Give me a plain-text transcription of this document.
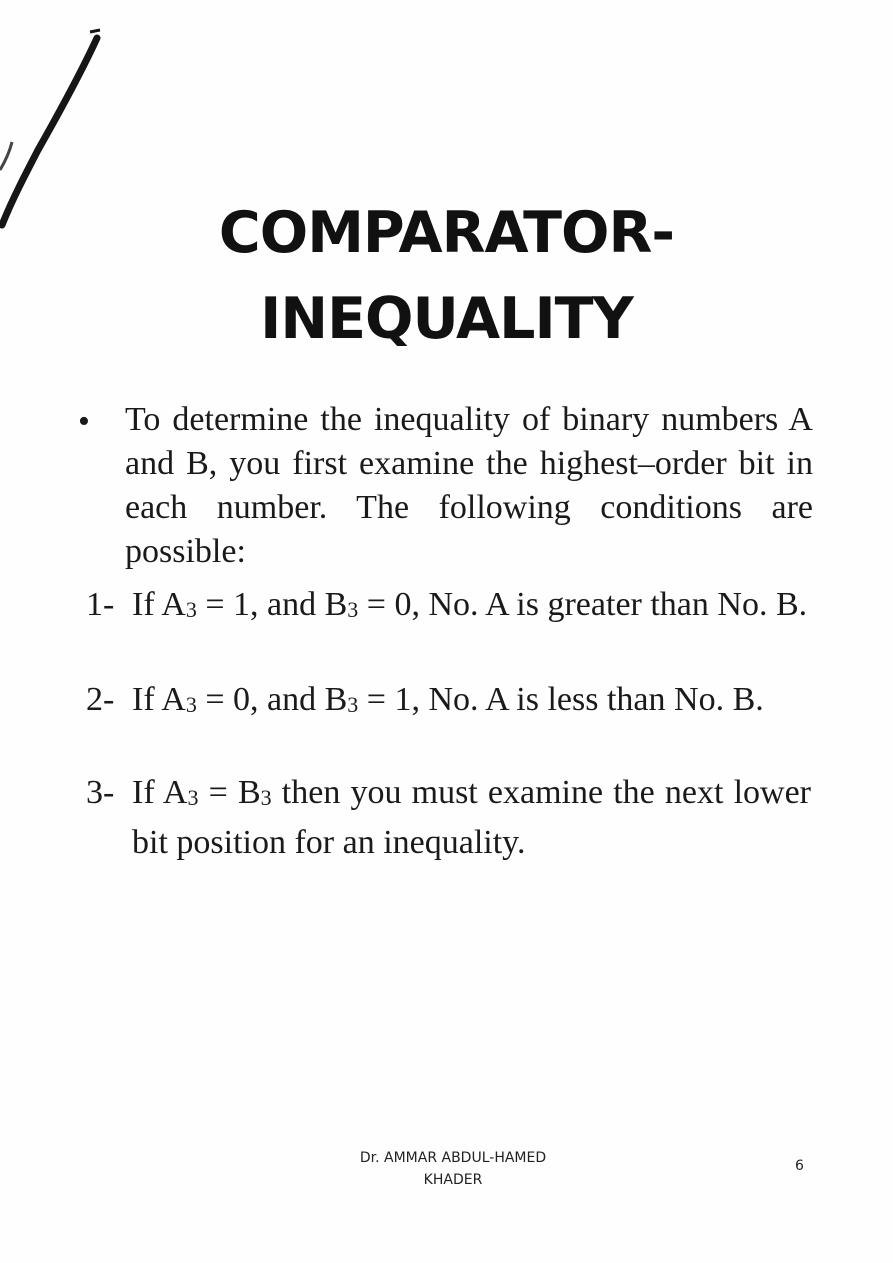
COMPARATOR-
INEQUALITY
• To determine the inequality of binary numbers A and B, you first examine the highest–order bit in each number. The following conditions are possible:
1- If A3 = 1, and B3 = 0, No. A is greater than No. B.
2- If A3 = 0, and B3 = 1, No. A is less than No. B.
3- If A3 = B3 then you must examine the next lower bit position for an inequality.
Dr. AMMAR ABDUL-HAMED
KHADER
6
